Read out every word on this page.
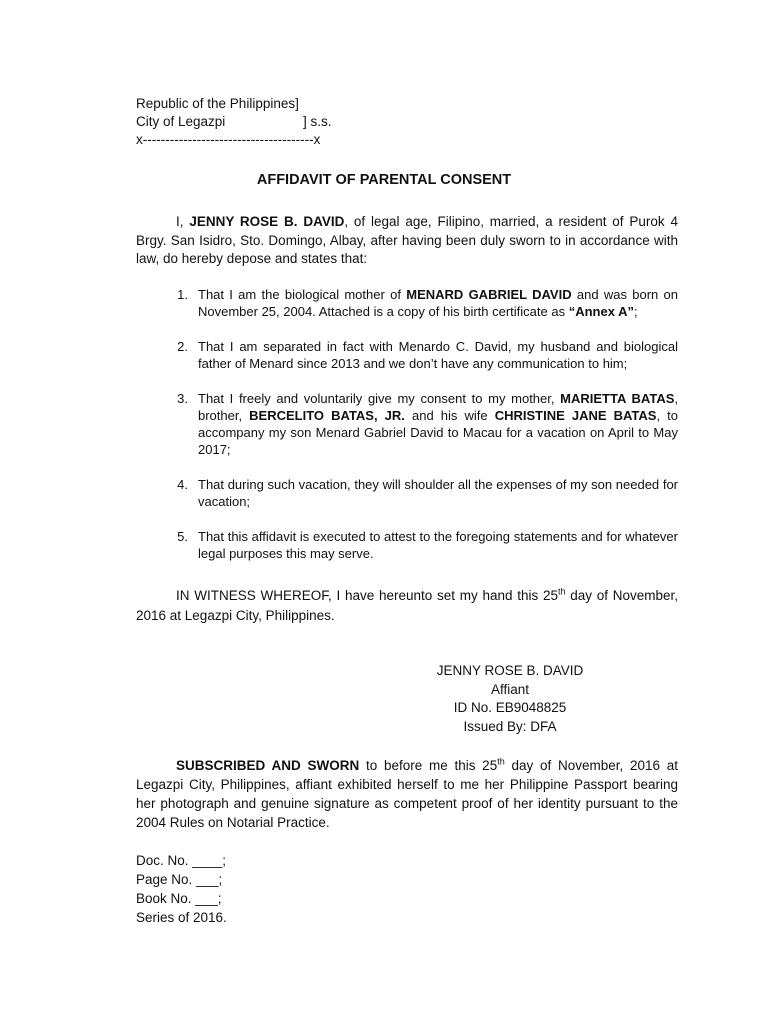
Republic of the Philippines]
City of Legazpi	] s.s.
x--------------------------------------x
AFFIDAVIT OF PARENTAL CONSENT
I, JENNY ROSE B. DAVID, of legal age, Filipino, married, a resident of Purok 4 Brgy. San Isidro, Sto. Domingo, Albay, after having been duly sworn to in accordance with law, do hereby depose and states that:
1. That I am the biological mother of MENARD GABRIEL DAVID and was born on November 25, 2004. Attached is a copy of his birth certificate as “Annex A”;
2. That I am separated in fact with Menardo C. David, my husband and biological father of Menard since 2013 and we don’t have any communication to him;
3. That I freely and voluntarily give my consent to my mother, MARIETTA BATAS, brother, BERCELITO BATAS, JR. and his wife CHRISTINE JANE BATAS, to accompany my son Menard Gabriel David to Macau for a vacation on April to May 2017;
4. That during such vacation, they will shoulder all the expenses of my son needed for vacation;
5. That this affidavit is executed to attest to the foregoing statements and for whatever legal purposes this may serve.
IN WITNESS WHEREOF, I have hereunto set my hand this 25th day of November, 2016 at Legazpi City, Philippines.
JENNY ROSE B. DAVID
Affiant
ID No. EB9048825
Issued By: DFA
SUBSCRIBED AND SWORN to before me this 25th day of November, 2016 at Legazpi City, Philippines, affiant exhibited herself to me her Philippine Passport bearing her photograph and genuine signature as competent proof of her identity pursuant to the 2004 Rules on Notarial Practice.
Doc. No. ____;
Page No. ___;
Book No. ___;
Series of 2016.
